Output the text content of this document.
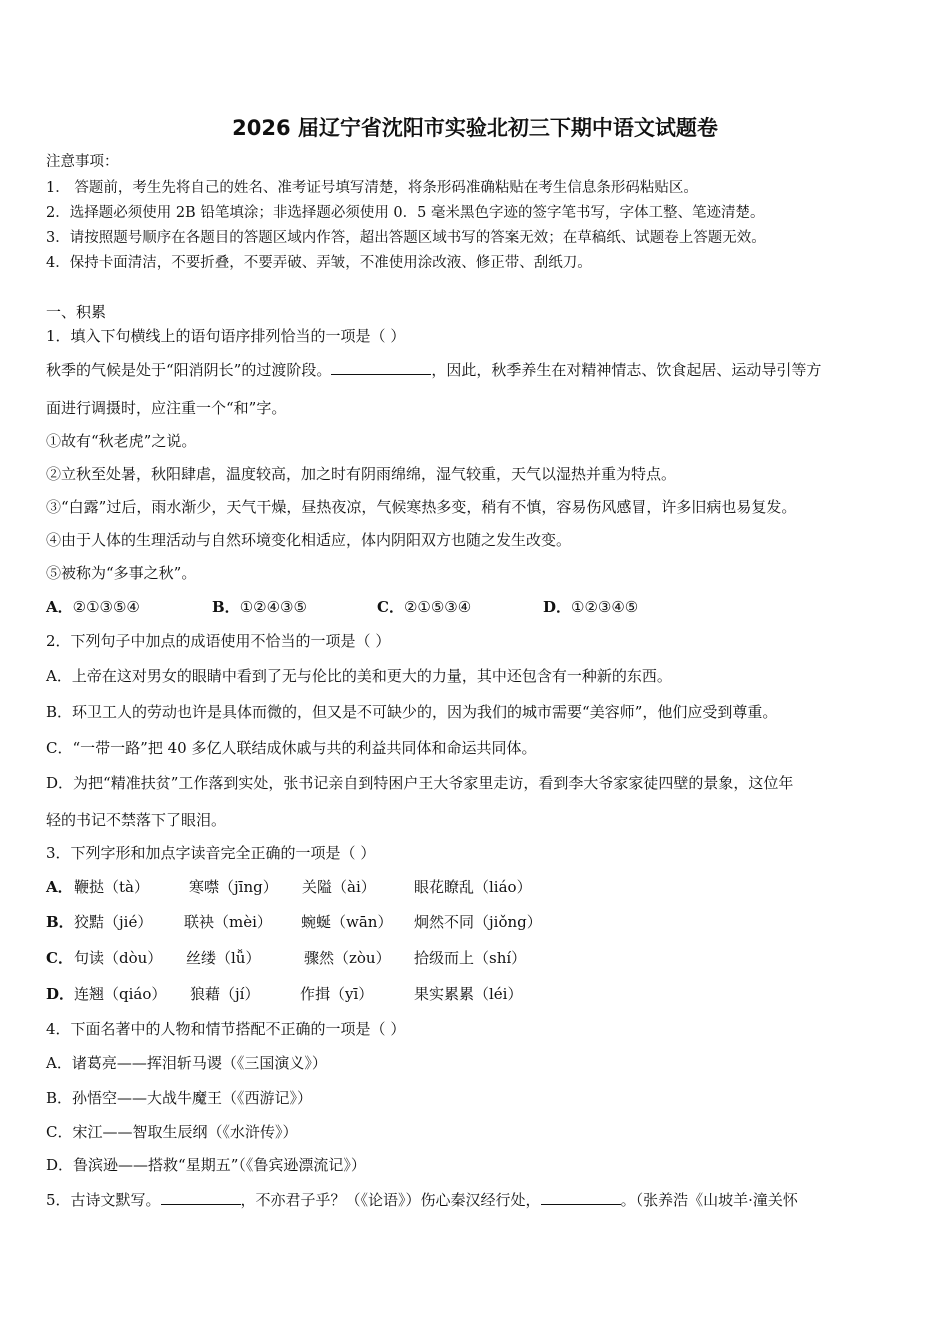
2026 届辽宁省沈阳市实验北初三下期中语文试题卷
注意事项：
1． 答题前，考生先将自己的姓名、准考证号填写清楚，将条形码准确粘贴在考生信息条形码粘贴区。
2．选择题必须使用 2B 铅笔填涂；非选择题必须使用 0．5 毫米黑色字迹的签字笔书写，字体工整、笔迹清楚。
3．请按照题号顺序在各题目的答题区域内作答，超出答题区域书写的答案无效；在草稿纸、试题卷上答题无效。
4．保持卡面清洁，不要折叠，不要弄破、弄皱，不准使用涂改液、修正带、刮纸刀。
一、积累
1．填入下句横线上的语句语序排列恰当的一项是（ ）
秋季的气候是处于“阳消阴长”的过渡阶段。	，因此，秋季养生在对精神情志、饮食起居、运动导引等方
面进行调摄时，应注重一个“和”字。
①故有“秋老虎”之说。
②立秋至处暑，秋阳肆虐，温度较高，加之时有阴雨绵绵，湿气较重，天气以湿热并重为特点。
③“白露”过后，雨水渐少，天气干燥，昼热夜凉，气候寒热多变，稍有不慎，容易伤风感冒，许多旧病也易复发。
④由于人体的生理活动与自然环境变化相适应，体内阴阳双方也随之发生改变。
⑤被称为“多事之秋”。
A．②①③⑤④	B．①②④③⑤	C．②①⑤③④	D．①②③④⑤
2．下列句子中加点的成语使用不恰当的一项是（ ）
A．上帝在这对男女的眼睛中看到了无与伦比的美和更大的力量，其中还包含有一种新的东西。
B．环卫工人的劳动也许是具体而微的，但又是不可缺少的，因为我们的城市需要“美容师”，他们应受到尊重。
C．“一带一路”把 40 多亿人联结成休戚与共的利益共同体和命运共同体。
D．为把“精准扶贫”工作落到实处，张书记亲自到特困户王大爷家里走访，看到李大爷家家徒四壁的景象，这位年
轻的书记不禁落下了眼泪。
3．下列字形和加点字读音完全正确的一项是（ ）
A．鞭挞（tà）	寒噤（jīng） 关隘（ài）	眼花瞭乱（liáo）
B．狡黠（jié） 联袂（mèi） 蜿蜒（wān） 炯然不同（jiǒng）
C．句读（dòu） 丝缕（lǚ）	骤然（zòu） 拾级而上（shí）
D．连翘（qiáo） 狼藉（jí）	作揖（yī）	果实累累（léi）
4．下面名著中的人物和情节搭配不正确的一项是（ ）
A．诸葛亮——挥泪斩马谡（《三国演义》）
B．孙悟空——大战牛魔王（《西游记》）
C．宋江——智取生辰纲（《水浒传》）
D．鲁滨逊——搭救“星期五”（《鲁宾逊漂流记》）
5．古诗文默写。	，不亦君子乎？（《论语》）伤心秦汉经行处，	。（张养浩《山坡羊·潼关怀
